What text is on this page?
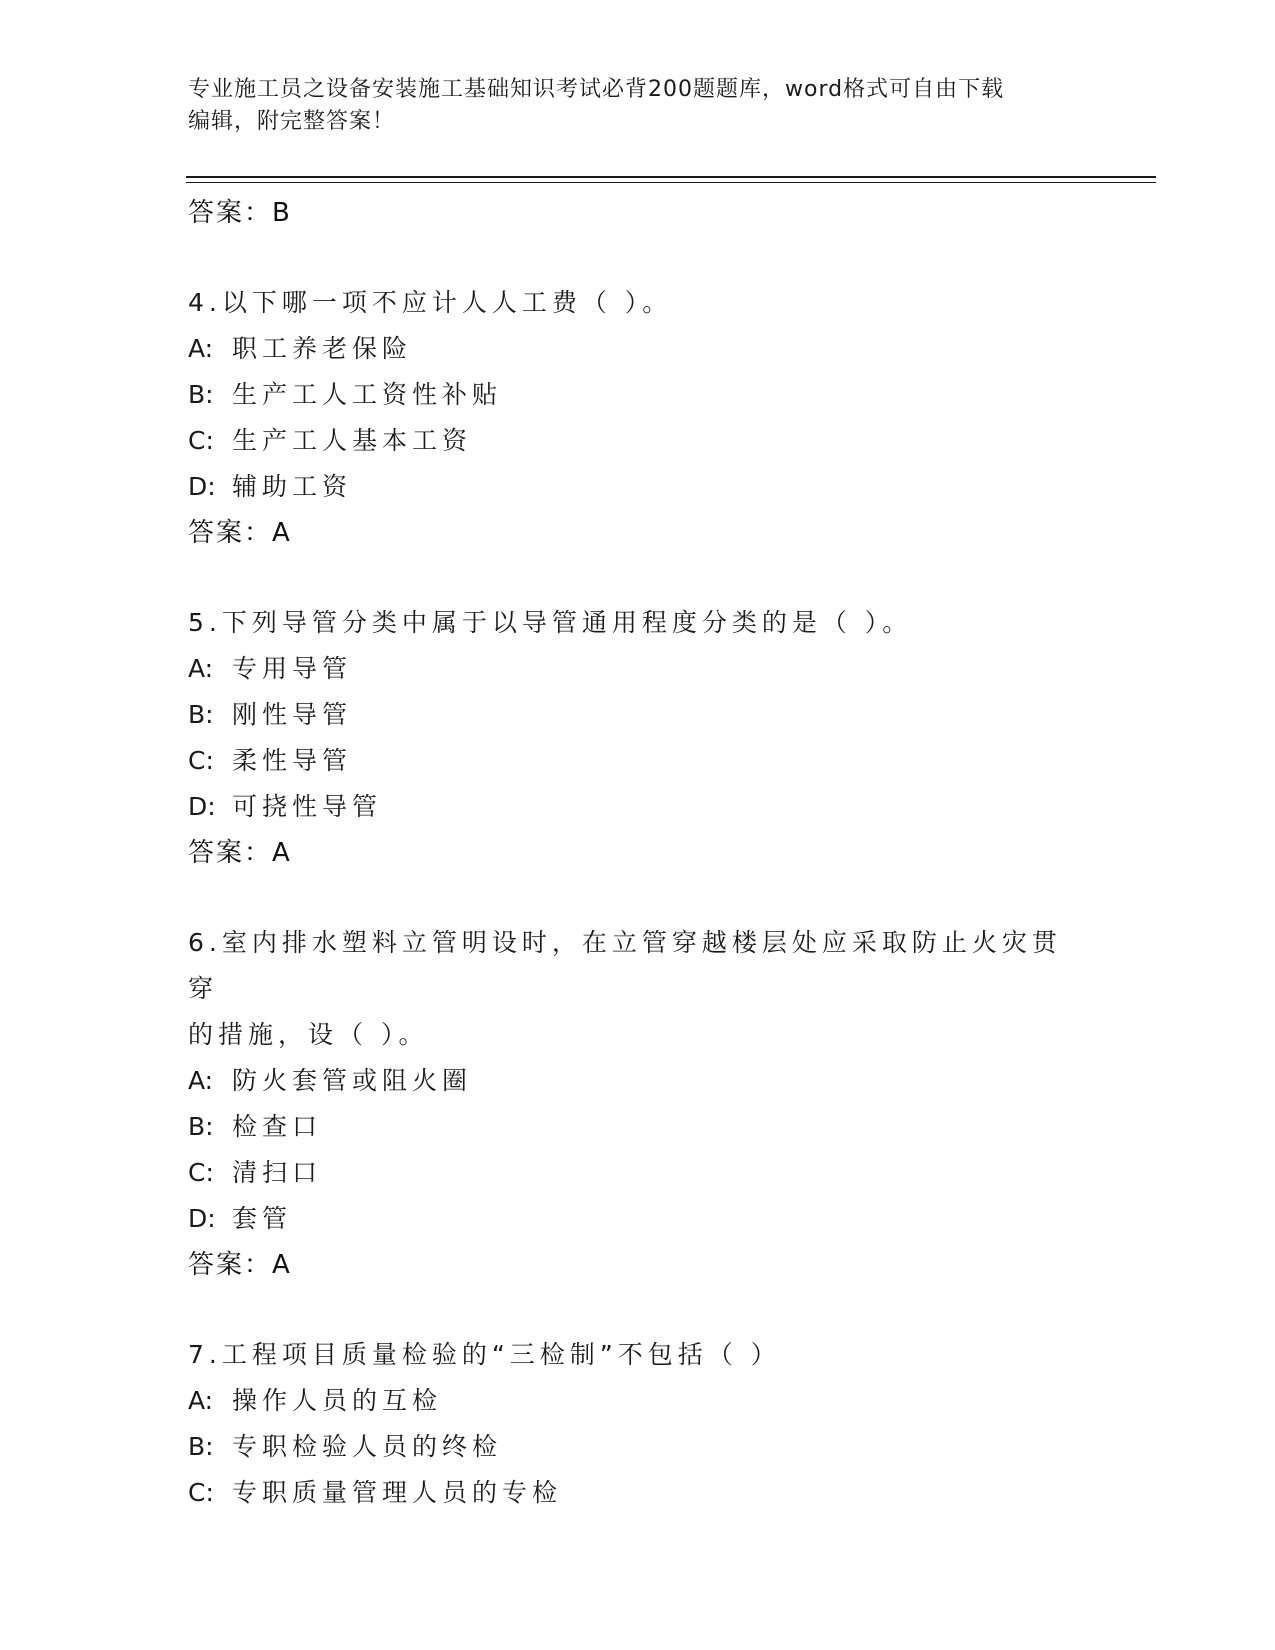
专业施工员之设备安装施工基础知识考试必背200题题库，word格式可自由下载
编辑，附完整答案！
答案：B
4.以下哪一项不应计人人工费（ ）。
A: 职工养老保险
B: 生产工人工资性补贴
C: 生产工人基本工资
D: 辅助工资
答案：A
5.下列导管分类中属于以导管通用程度分类的是（ ）。
A: 专用导管
B: 刚性导管
C: 柔性导管
D: 可挠性导管
答案：A
6.室内排水塑料立管明设时，在立管穿越楼层处应采取防止火灾贯穿
的措施，设（ ）。
A: 防火套管或阻火圈
B: 检查口
C: 清扫口
D: 套管
答案：A
7.工程项目质量检验的“三检制”不包括（ ）
A: 操作人员的互检
B: 专职检验人员的终检
C: 专职质量管理人员的专检
